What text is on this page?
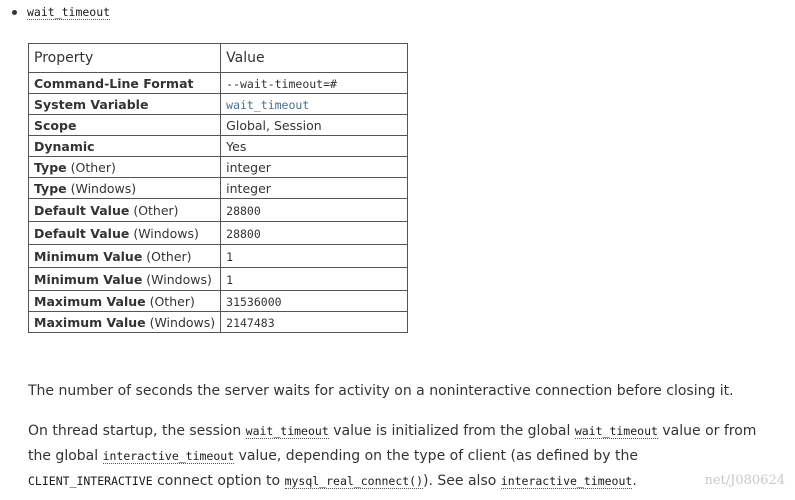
wait_timeout
Property	Value
Command-Line Format	--wait-timeout=#
System Variable	wait_timeout
Scope	Global, Session
Dynamic	Yes
Type (Other)	integer
Type (Windows)	integer
Default Value (Other)	28800
Default Value (Windows)	28800
Minimum Value (Other)	1
Minimum Value (Windows)	1
Maximum Value (Other)	31536000
Maximum Value (Windows)	2147483

The number of seconds the server waits for activity on a noninteractive connection before closing it.

On thread startup, the session wait_timeout value is initialized from the global wait_timeout value or from

the global interactive_timeout value, depending on the type of client (as defined by the

CLIENT_INTERACTIVE connect option to mysql_real_connect()). See also interactive_timeout.	net/J080624
